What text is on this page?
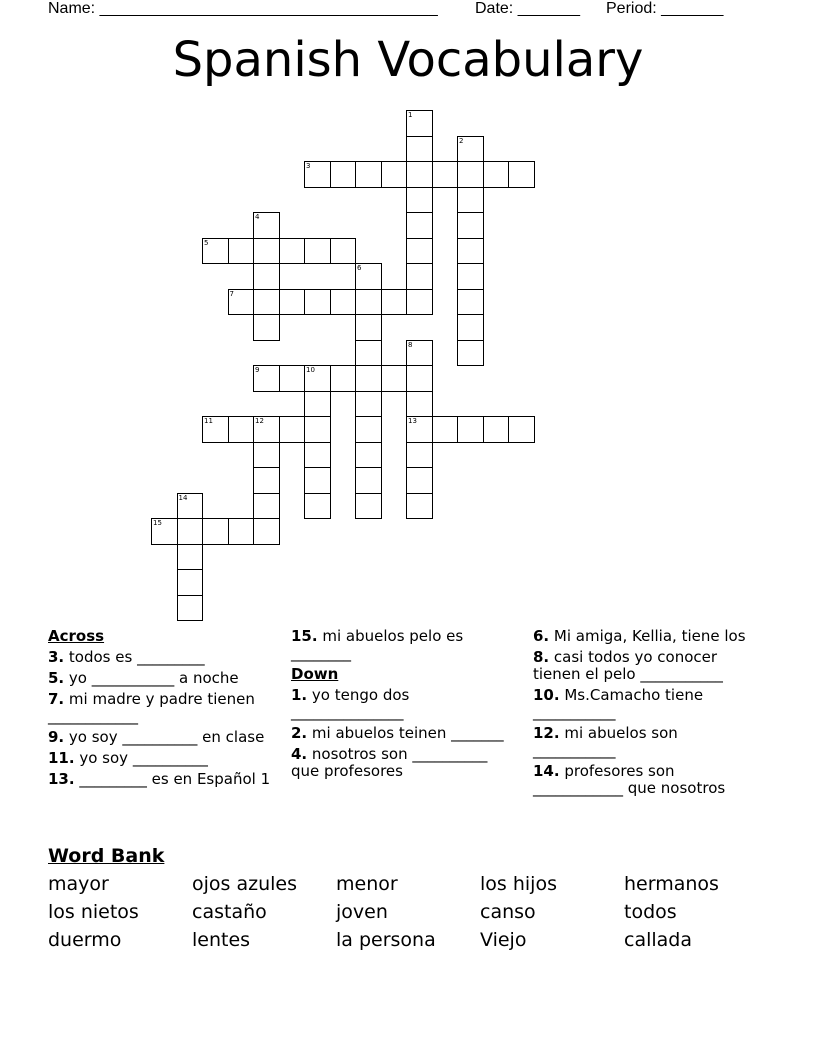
Name: ______________________________________ Date: _______ Period: _______
Spanish Vocabulary
1
2
3
4
5
6
7
8
9	10
11	12	13
14
15
Across
3. todos es _________
5. yo ___________ a noche
7. mi madre y padre tienen ____________
9. yo soy __________ en clase
11. yo soy __________
13. _________ es en Español 1
15. mi abuelos pelo es ________
Down
1. yo tengo dos _______________
2. mi abuelos teinen _______
4. nosotros son __________ que profesores
6. Mi amiga, Kellia, tiene los
8. casi todos yo conocer tienen el pelo ___________
10. Ms.Camacho tiene ___________
12. mi abuelos son ___________
14. profesores son ____________ que nosotros
Word Bank
mayor	ojos azules	menor	los hijos	hermanos
los nietos	castaño	joven	canso	todos
duermo	lentes	la persona	Viejo	callada
